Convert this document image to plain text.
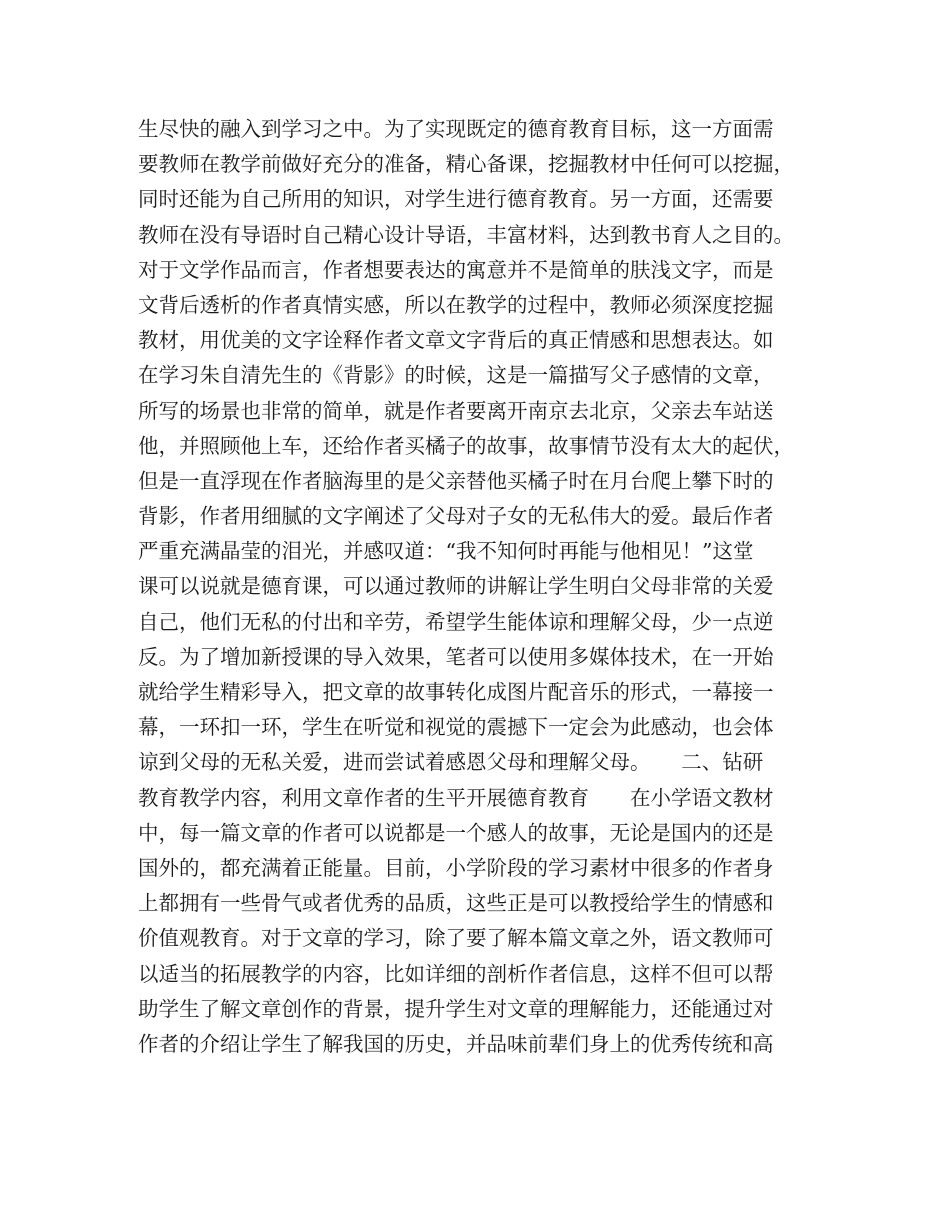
生尽快的融入到学习之中。为了实现既定的德育教育目标，这一方面需
要教师在教学前做好充分的准备，精心备课，挖掘教材中任何可以挖掘，
同时还能为自己所用的知识，对学生进行德育教育。另一方面，还需要
教师在没有导语时自己精心设计导语，丰富材料，达到教书育人之目的。
对于文学作品而言，作者想要表达的寓意并不是简单的肤浅文字，而是
文背后透析的作者真情实感，所以在教学的过程中，教师必须深度挖掘
教材，用优美的文字诠释作者文章文字背后的真正情感和思想表达。如
在学习朱自清先生的《背影》的时候，这是一篇描写父子感情的文章，
所写的场景也非常的简单，就是作者要离开南京去北京，父亲去车站送
他，并照顾他上车，还给作者买橘子的故事，故事情节没有太大的起伏，
但是一直浮现在作者脑海里的是父亲替他买橘子时在月台爬上攀下时的
背影，作者用细腻的文字阐述了父母对子女的无私伟大的爱。最后作者
严重充满晶莹的泪光，并感叹道：“我不知何时再能与他相见！”这堂
课可以说就是德育课，可以通过教师的讲解让学生明白父母非常的关爱
自己，他们无私的付出和辛劳，希望学生能体谅和理解父母，少一点逆
反。为了增加新授课的导入效果，笔者可以使用多媒体技术，在一开始
就给学生精彩导入，把文章的故事转化成图片配音乐的形式，一幕接一
幕，一环扣一环，学生在听觉和视觉的震撼下一定会为此感动，也会体
谅到父母的无私关爱，进而尝试着感恩父母和理解父母。　　二、钻研
教育教学内容，利用文章作者的生平开展德育教育　　在小学语文教材
中，每一篇文章的作者可以说都是一个感人的故事，无论是国内的还是
国外的，都充满着正能量。目前，小学阶段的学习素材中很多的作者身
上都拥有一些骨气或者优秀的品质，这些正是可以教授给学生的情感和
价值观教育。对于文章的学习，除了要了解本篇文章之外，语文教师可
以适当的拓展教学的内容，比如详细的剖析作者信息，这样不但可以帮
助学生了解文章创作的背景，提升学生对文章的理解能力，还能通过对
作者的介绍让学生了解我国的历史，并品味前辈们身上的优秀传统和高
